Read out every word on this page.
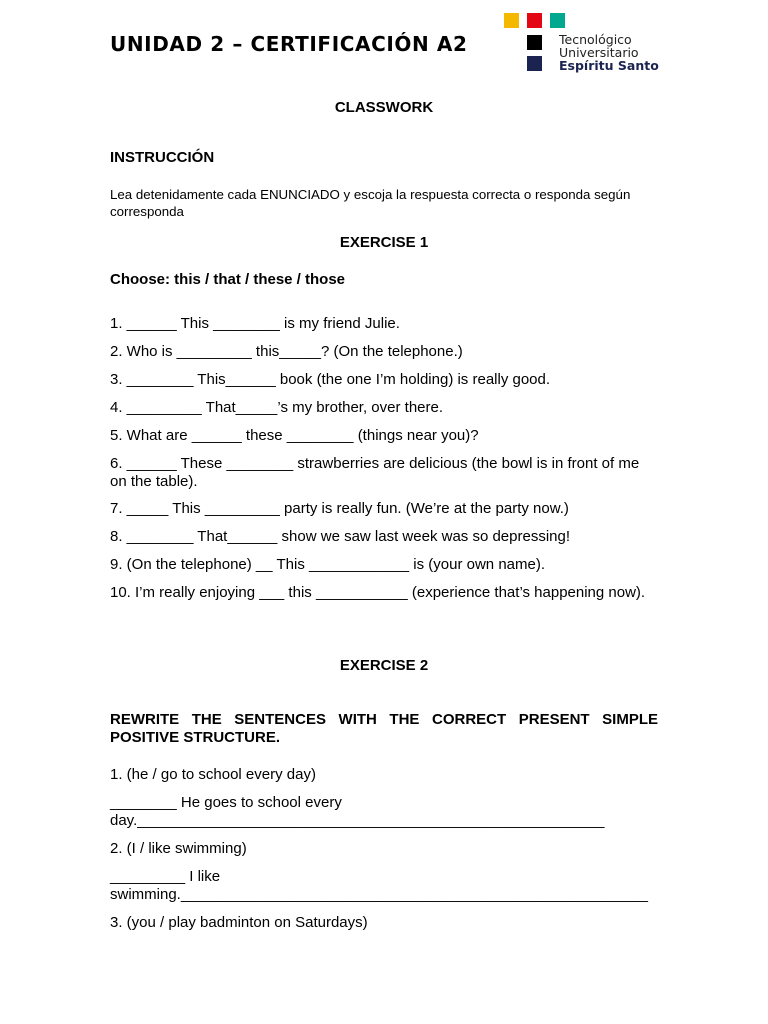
UNIDAD 2 – CERTIFICACIÓN A2	Tecnológico
Universitario
Espíritu Santo
CLASSWORK
INSTRUCCIÓN
Lea detenidamente cada ENUNCIADO y escoja la respuesta correcta o responda según corresponda
EXERCISE 1
Choose: this / that / these / those
1. ______ This ________ is my friend Julie.
2. Who is _________ this_____? (On the telephone.)
3. ________ This______ book (the one I’m holding) is really good.
4. _________ That_____’s my brother, over there.
5. What are ______ these ________ (things near you)?
6. ______ These ________ strawberries are delicious (the bowl is in front of me on the table).
7. _____ This _________ party is really fun. (We’re at the party now.)
8. ________ That______ show we saw last week was so depressing!
9. (On the telephone) __ This ____________ is (your own name).
10. I’m really enjoying ___ this ___________ (experience that’s happening now).
EXERCISE 2
REWRITE THE SENTENCES WITH THE CORRECT PRESENT SIMPLE POSITIVE STRUCTURE.
1. (he / go to school every day)
________ He goes to school every day.________________________________________________________
2. (I / like swimming)
_________ I like swimming.________________________________________________________
3. (you / play badminton on Saturdays)
